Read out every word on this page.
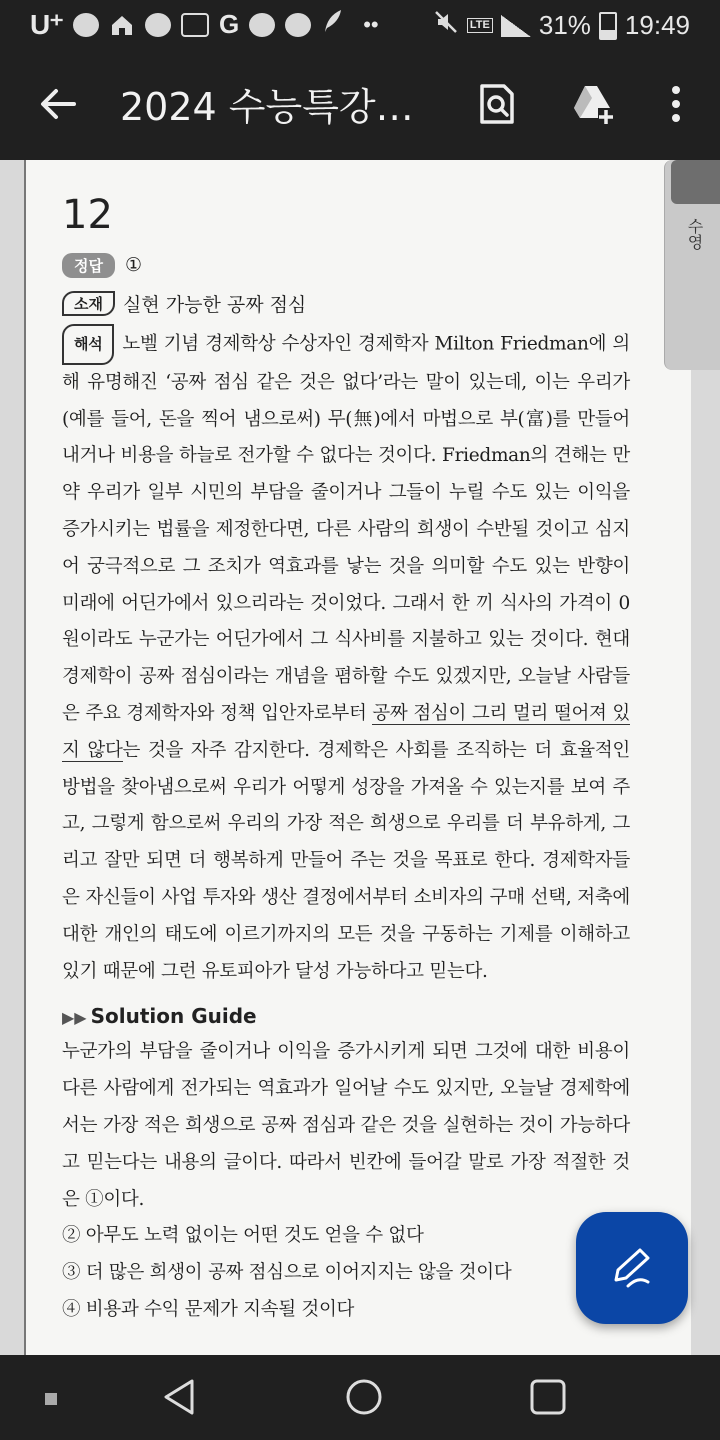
U⁺	G	••	LTE 31% 19:49
2024 수능특강…
수영
12
정답	①
소재	실현 가능한 공짜 점심
해석 노벨 기념 경제학상 수상자인 경제학자 Milton Friedman에 의해 유명해진 ‘공짜 점심 같은 것은 없다’라는 말이 있는데, 이는 우리가 (예를 들어, 돈을 찍어 냄으로써) 무(無)에서 마법으로 부(富)를 만들어 내거나 비용을 하늘로 전가할 수 없다는 것이다. Friedman의 견해는 만약 우리가 일부 시민의 부담을 줄이거나 그들이 누릴 수도 있는 이익을 증가시키는 법률을 제정한다면, 다른 사람의 희생이 수반될 것이고 심지어 궁극적으로 그 조치가 역효과를 낳는 것을 의미할 수도 있는 반향이 미래에 어딘가에서 있으리라는 것이었다. 그래서 한 끼 식사의 가격이 0원이라도 누군가는 어딘가에서 그 식사비를 지불하고 있는 것이다. 현대 경제학이 공짜 점심이라는 개념을 폄하할 수도 있겠지만, 오늘날 사람들은 주요 경제학자와 정책 입안자로부터 공짜 점심이 그리 멀리 떨어져 있지 않다는 것을 자주 감지한다. 경제학은 사회를 조직하는 더 효율적인 방법을 찾아냄으로써 우리가 어떻게 성장을 가져올 수 있는지를 보여 주고, 그렇게 함으로써 우리의 가장 적은 희생으로 우리를 더 부유하게, 그리고 잘만 되면 더 행복하게 만들어 주는 것을 목표로 한다. 경제학자들은 자신들이 사업 투자와 생산 결정에서부터 소비자의 구매 선택, 저축에 대한 개인의 태도에 이르기까지의 모든 것을 구동하는 기제를 이해하고 있기 때문에 그런 유토피아가 달성 가능하다고 믿는다.
▶▶ Solution Guide
누군가의 부담을 줄이거나 이익을 증가시키게 되면 그것에 대한 비용이 다른 사람에게 전가되는 역효과가 일어날 수도 있지만, 오늘날 경제학에서는 가장 적은 희생으로 공짜 점심과 같은 것을 실현하는 것이 가능하다고 믿는다는 내용의 글이다. 따라서 빈칸에 들어갈 말로 가장 적절한 것은 ①이다.
② 아무도 노력 없이는 어떤 것도 얻을 수 없다
③ 더 많은 희생이 공짜 점심으로 이어지지는 않을 것이다
④ 비용과 수익 문제가 지속될 것이다
